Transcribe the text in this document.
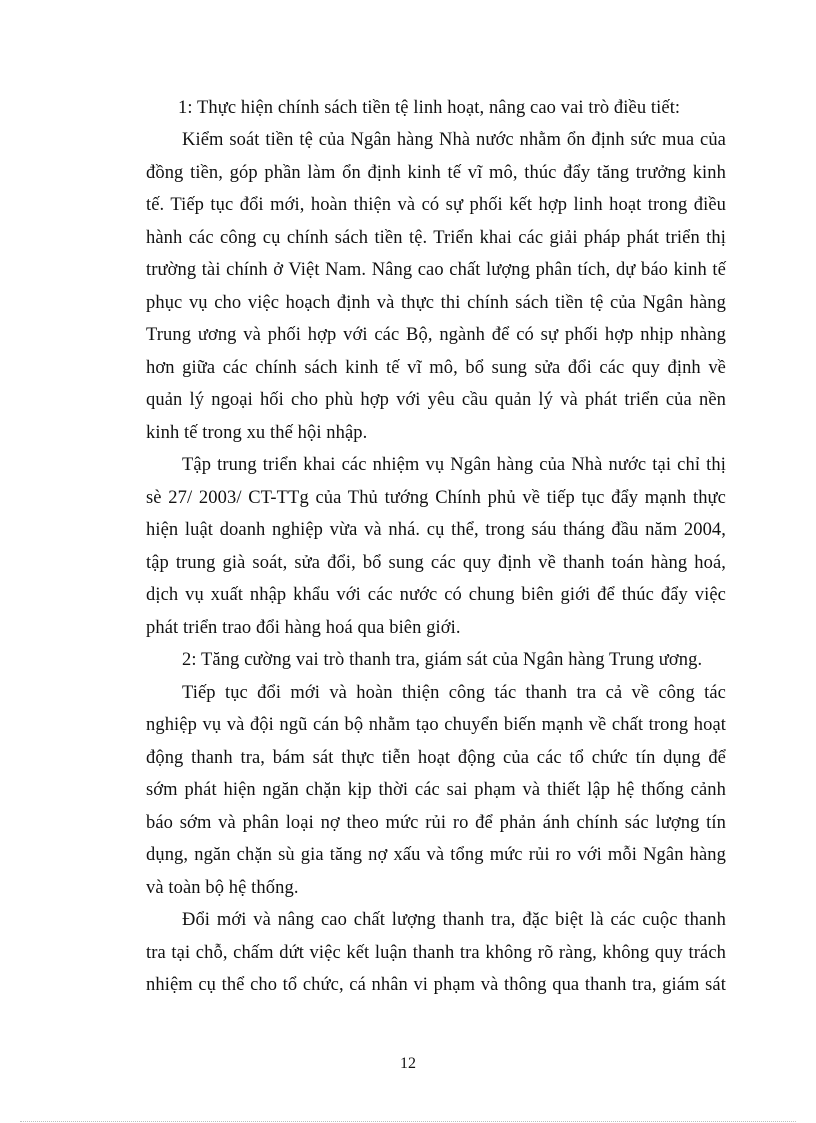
1: Thực hiện chính sách tiền tệ linh hoạt, nâng cao vai trò điều tiết:
Kiểm soát tiền tệ của Ngân hàng Nhà nước nhằm ổn định sức mua của
đồng tiền, góp phần làm ổn định kinh tế vĩ mô, thúc đẩy tăng trưởng kinh
tế. Tiếp tục đổi mới, hoàn thiện và có sự phối kết hợp linh hoạt trong điều
hành các công cụ chính sách tiền tệ. Triển khai các giải pháp phát triển thị
trường tài chính ở Việt Nam. Nâng cao chất lượng phân tích, dự báo kinh tế
phục vụ cho việc hoạch định và thực thi chính sách tiền tệ của Ngân hàng
Trung ương và phối hợp với các Bộ, ngành để có sự phối hợp nhịp nhàng
hơn giữa các chính sách kinh tế vĩ mô, bổ sung sửa đổi các quy định về
quản lý ngoại hối cho phù hợp với yêu cầu quản lý và phát triển của nền
kinh tế trong xu thế hội nhập.
Tập trung triển khai các nhiệm vụ Ngân hàng của Nhà nước tại chỉ thị
sè 27/ 2003/ CT-TTg của Thủ tướng Chính phủ về tiếp tục đẩy mạnh thực
hiện luật doanh nghiệp vừa và nhá. cụ thể, trong sáu tháng đầu năm 2004,
tập trung già soát, sửa đổi, bổ sung các quy định về thanh toán hàng hoá,
dịch vụ xuất nhập khẩu với các nước có chung biên giới để thúc đẩy việc
phát triển trao đổi hàng hoá qua biên giới.
2: Tăng cường vai trò thanh tra, giám sát của Ngân hàng Trung ương.
Tiếp tục đổi mới và hoàn thiện công tác thanh tra cả về công tác
nghiệp vụ và đội ngũ cán bộ nhằm tạo chuyển biến mạnh về chất trong hoạt
động thanh tra, bám sát thực tiễn hoạt động của các tổ chức tín dụng để
sớm phát hiện ngăn chặn kịp thời các sai phạm và thiết lập hệ thống cảnh
báo sớm và phân loại nợ theo mức rủi ro để phản ánh chính sác lượng tín
dụng, ngăn chặn sù gia tăng nợ xấu và tổng mức rủi ro với mỗi Ngân hàng
và toàn bộ hệ thống.
Đổi mới và nâng cao chất lượng thanh tra, đặc biệt là các cuộc thanh
tra tại chỗ, chấm dứt việc kết luận thanh tra không rõ ràng, không quy trách
nhiệm cụ thể cho tổ chức, cá nhân vi phạm và thông qua thanh tra, giám sát
12
